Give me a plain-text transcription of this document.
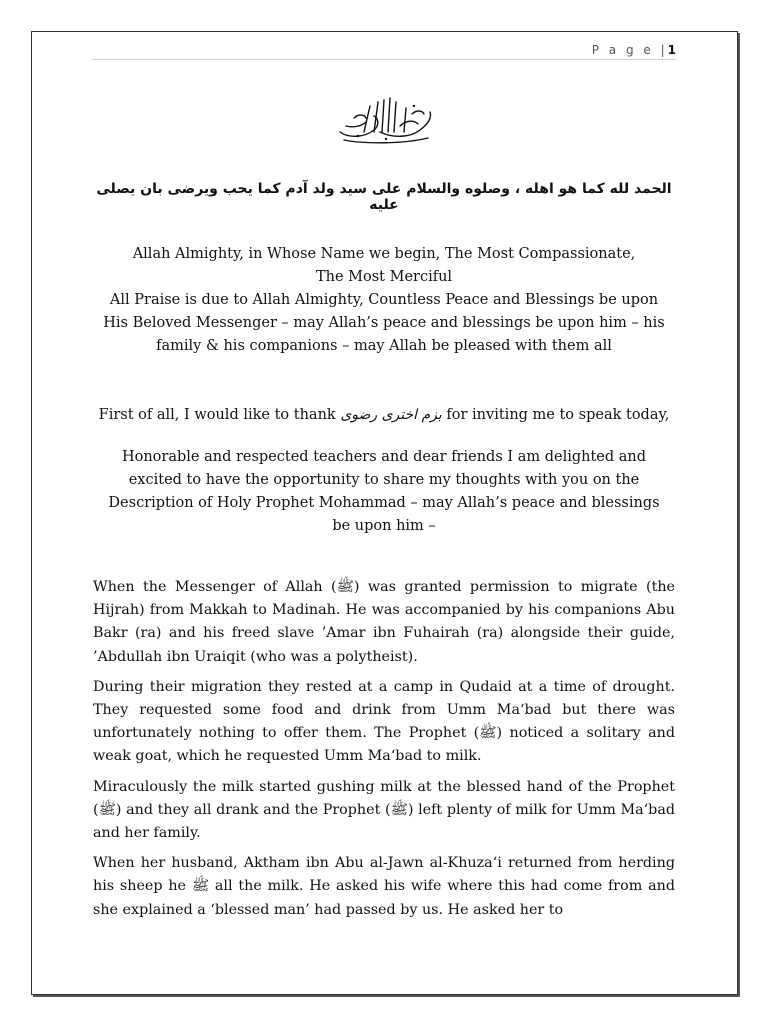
P a g e |1
الحمد لله كما هو اهله ، وصلوه والسلام على سيد ولد آدم كما يحب ويرضى بان يصلى عليه
Allah Almighty, in Whose Name we begin, The Most Compassionate,
The Most Merciful
All Praise is due to Allah Almighty, Countless Peace and Blessings be upon
His Beloved Messenger – may Allah’s peace and blessings be upon him – his
family & his companions – may Allah be pleased with them all
First of all, I would like to thank بزم اختری رضوی for inviting me to speak today,
Honorable and respected teachers and dear friends I am delighted and
excited to have the opportunity to share my thoughts with you on the
Description of Holy Prophet Mohammad – may Allah’s peace and blessings
be upon him –

When the Messenger of Allah (ﷺ) was granted permission to migrate (the Hijrah) from Makkah to Madinah. He was accompanied by his companions Abu Bakr (ra) and his freed slave ’Amar ibn Fuhairah (ra) alongside their guide, ’Abdullah ibn Uraiqit (who was a polytheist).

During their migration they rested at a camp in Qudaid at a time of drought. They requested some food and drink from Umm Ma‘bad but there was unfortunately nothing to offer them. The Prophet (ﷺ) noticed a solitary and weak goat, which he requested Umm Ma‘bad to milk.

Miraculously the milk started gushing milk at the blessed hand of the Prophet (ﷺ) and they all drank and the Prophet (ﷺ) left plenty of milk for Umm Ma‘bad and her family.

When her husband, Aktham ibn Abu al-Jawn al-Khuza‘i returned from herding his sheep he ﷺ all the milk. He asked his wife where this had come from and she explained a ‘blessed man’ had passed by us. He asked her to
